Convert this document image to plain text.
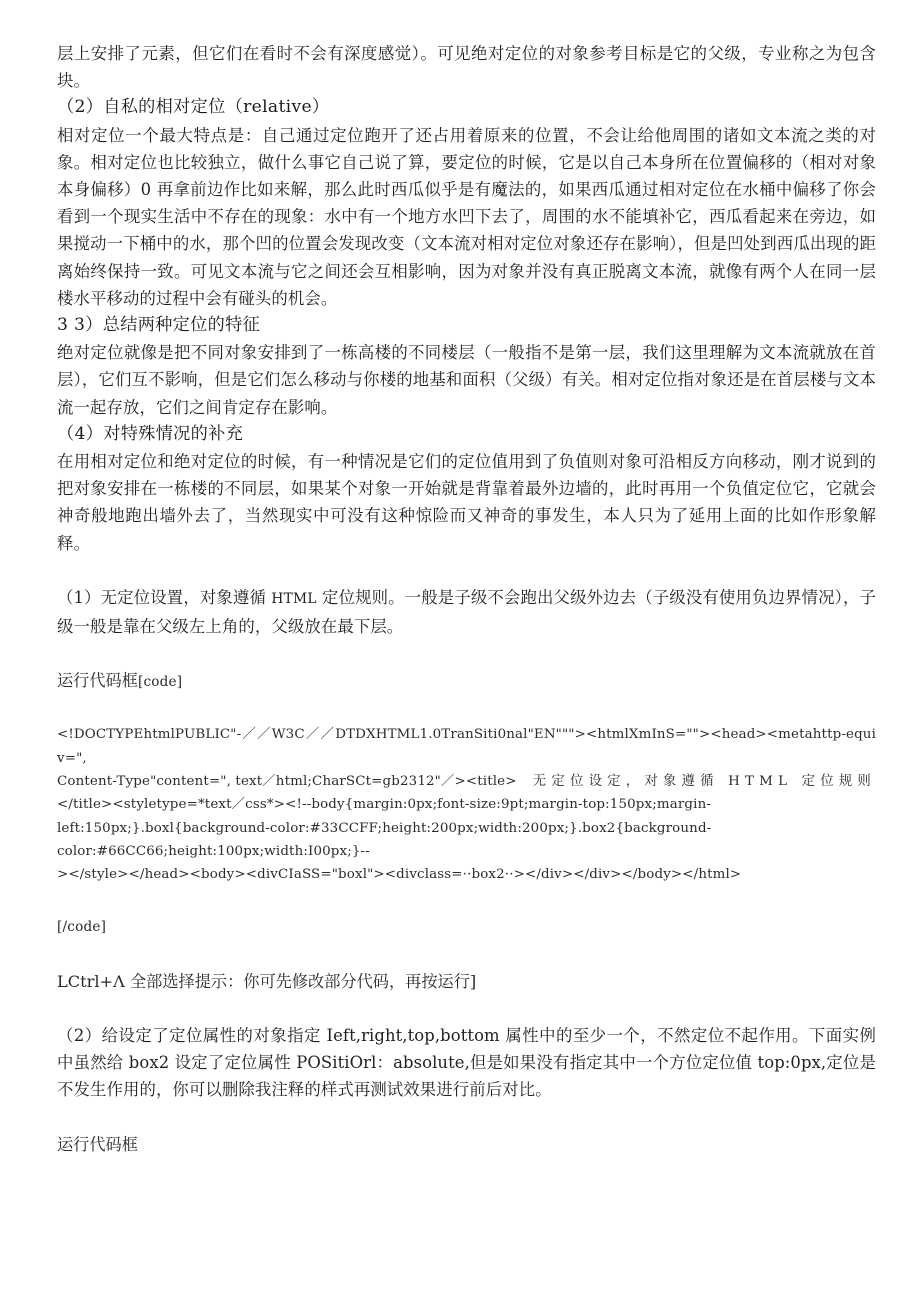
层上安排了元素，但它们在看时不会有深度感觉）。可见绝对定位的对象参考目标是它的父级，专业称之为包含块。

（2）自私的相对定位（relative）

相对定位一个最大特点是：自己通过定位跑开了还占用着原来的位置，不会让给他周围的诸如文本流之类的对象。相对定位也比较独立，做什么事它自己说了算，要定位的时候，它是以自己本身所在位置偏移的（相对对象本身偏移）0 再拿前边作比如来解，那么此时西瓜似乎是有魔法的，如果西瓜通过相对定位在水桶中偏移了你会看到一个现实生活中不存在的现象：水中有一个地方水凹下去了，周围的水不能填补它，西瓜看起来在旁边，如果搅动一下桶中的水，那个凹的位置会发现改变（文本流对相对定位对象还存在影响），但是凹处到西瓜出现的距离始终保持一致。可见文本流与它之间还会互相影响，因为对象并没有真正脱离文本流，就像有两个人在同一层楼水平移动的过程中会有碰头的机会。

3 3）总结两种定位的特征

绝对定位就像是把不同对象安排到了一栋高楼的不同楼层（一般指不是第一层，我们这里理解为文本流就放在首层），它们互不影响，但是它们怎么移动与你楼的地基和面积（父级）有关。相对定位指对象还是在首层楼与文本流一起存放，它们之间肯定存在影响。

（4）对特殊情况的补充

在用相对定位和绝对定位的时候，有一种情况是它们的定位值用到了负值则对象可沿相反方向移动，刚才说到的把对象安排在一栋楼的不同层，如果某个对象一开始就是背靠着最外边墙的，此时再用一个负值定位它，它就会神奇般地跑出墙外去了，当然现实中可没有这种惊险而又神奇的事发生，本人只为了延用上面的比如作形象解释。

（1）无定位设置，对象遵循 HTML 定位规则。一般是子级不会跑出父级外边去（子级没有使用负边界情况），子级一般是靠在父级左上角的，父级放在最下层。

运行代码框[code]

<!DOCTYPEhtmlPUBLIC"-／／W3C／／DTDXHTML1.0TranSiti0nal"EN"""><htmlXmInS=""><head><metahttp-equiv=",
Content-Type"content=", text／html;CharSCt=gb2312"／><title> 无定位设定，对象遵循 HTML 定位规则
</title><styletype=*text／css*><!--body{margin:0px;font-size:9pt;margin-top:150px;margin-
left:150px;}.boxl{background-color:#33CCFF;height:200px;width:200px;}.box2{background-
color:#66CC66;height:100px;width:I00px;}--
></style></head><body><divCIaSS="boxl"><divclass=··box2··></div></div></body></html>

[/code]

LCtrl+Λ 全部选择提示：你可先修改部分代码，再按运行]

（2）给设定了定位属性的对象指定 Ieft,right,top,bottom 属性中的至少一个，不然定位不起作用。下面实例中虽然给 box2 设定了定位属性 POSitiOrl：absolute,但是如果没有指定其中一个方位定位值 top:0px,定位是不发生作用的，你可以删除我注释的样式再测试效果进行前后对比。

运行代码框
